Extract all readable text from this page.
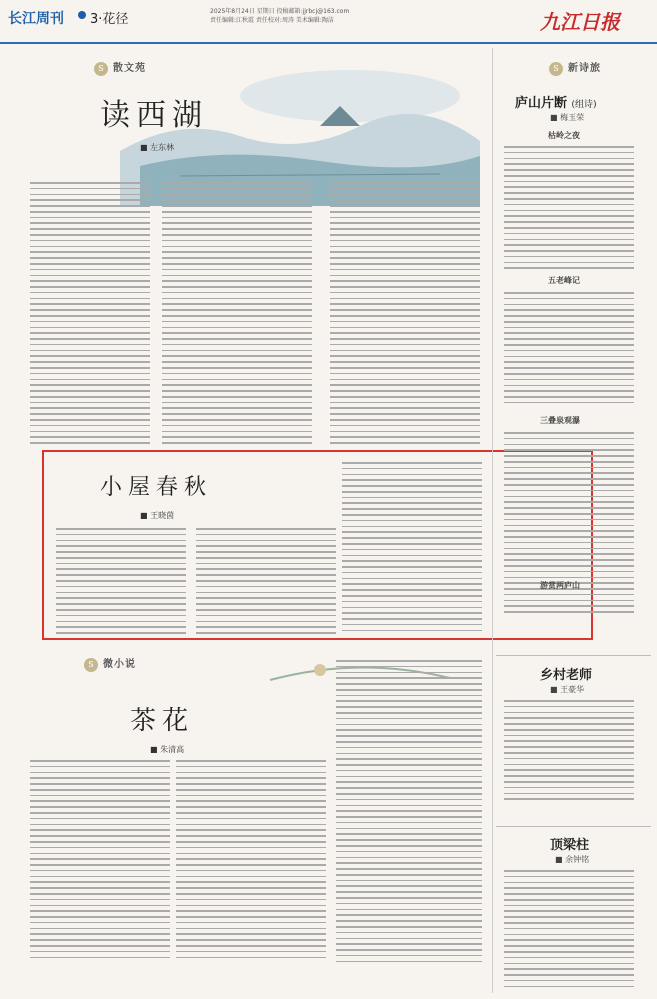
长江周刊 3·花径
2025年8月24日 星期日 投稿邮箱:jjrbcj@163.com
责任编辑:江秋霞 责任校对:周涛 美术编辑:陶洁	九江日报
S 散文苑
读西湖
■ 左东林
小屋春秋
■ 王晓茵
S 微小说
茶花
■ 朱清高
S 新诗旅
庐山片断 (组诗)
■ 梅玉荣
枯岭之夜
五老峰记
三叠泉观瀑
游赏两庐山
乡村老师
■ 王豪华
顶梁柱
■ 余钟铭
